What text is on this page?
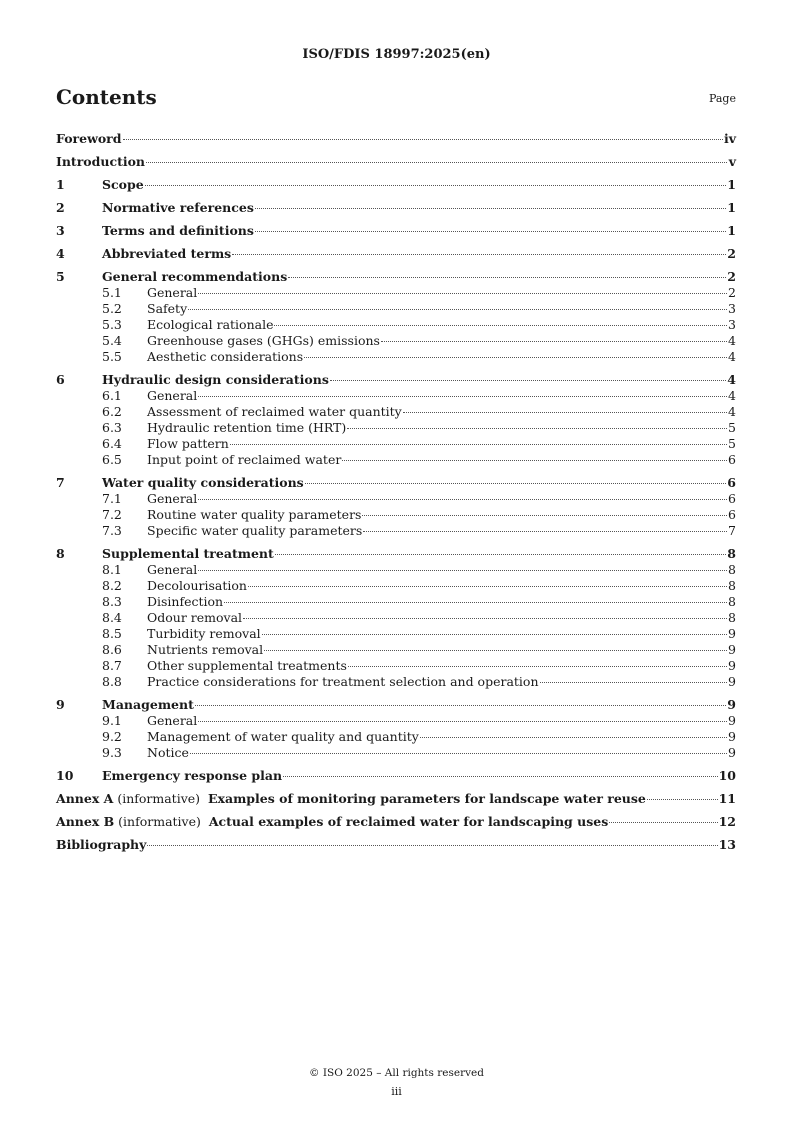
ISO/FDIS 18997:2025(en)
Contents	Page
Foreword	iv
Introduction	v
1	Scope	1
2	Normative references	1
3	Terms and definitions	1
4	Abbreviated terms	2
5	General recommendations	2
5.1	General	2
5.2	Safety	3
5.3	Ecological rationale	3
5.4	Greenhouse gases (GHGs) emissions	4
5.5	Aesthetic considerations	4
6	Hydraulic design considerations	4
6.1	General	4
6.2	Assessment of reclaimed water quantity	4
6.3	Hydraulic retention time (HRT)	5
6.4	Flow pattern	5
6.5	Input point of reclaimed water	6
7	Water quality considerations	6
7.1	General	6
7.2	Routine water quality parameters	6
7.3	Specific water quality parameters	7
8	Supplemental treatment	8
8.1	General	8
8.2	Decolourisation	8
8.3	Disinfection	8
8.4	Odour removal	8
8.5	Turbidity removal	9
8.6	Nutrients removal	9
8.7	Other supplemental treatments	9
8.8	Practice considerations for treatment selection and operation	9
9	Management	9
9.1	General	9
9.2	Management of water quality and quantity	9
9.3	Notice	9
10	Emergency response plan	10
Annex A (informative)  Examples of monitoring parameters for landscape water reuse	11
Annex B (informative)  Actual examples of reclaimed water for landscaping uses	12
Bibliography	13
© ISO 2025 – All rights reserved
iii
